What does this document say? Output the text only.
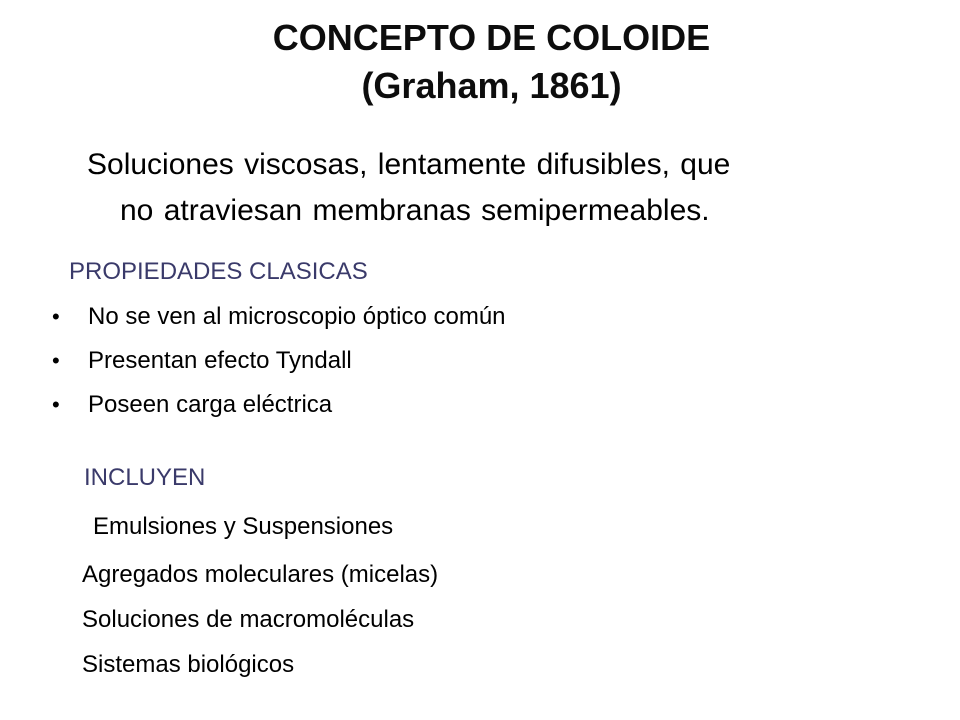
CONCEPTO DE COLOIDE
(Graham, 1861)
Soluciones viscosas, lentamente difusibles, que
no atraviesan membranas semipermeables.
PROPIEDADES CLASICAS
• No se ven al microscopio óptico común
• Presentan efecto Tyndall
• Poseen carga eléctrica
INCLUYEN
Emulsiones y Suspensiones
Agregados moleculares (micelas)
Soluciones de macromoléculas
Sistemas biológicos
